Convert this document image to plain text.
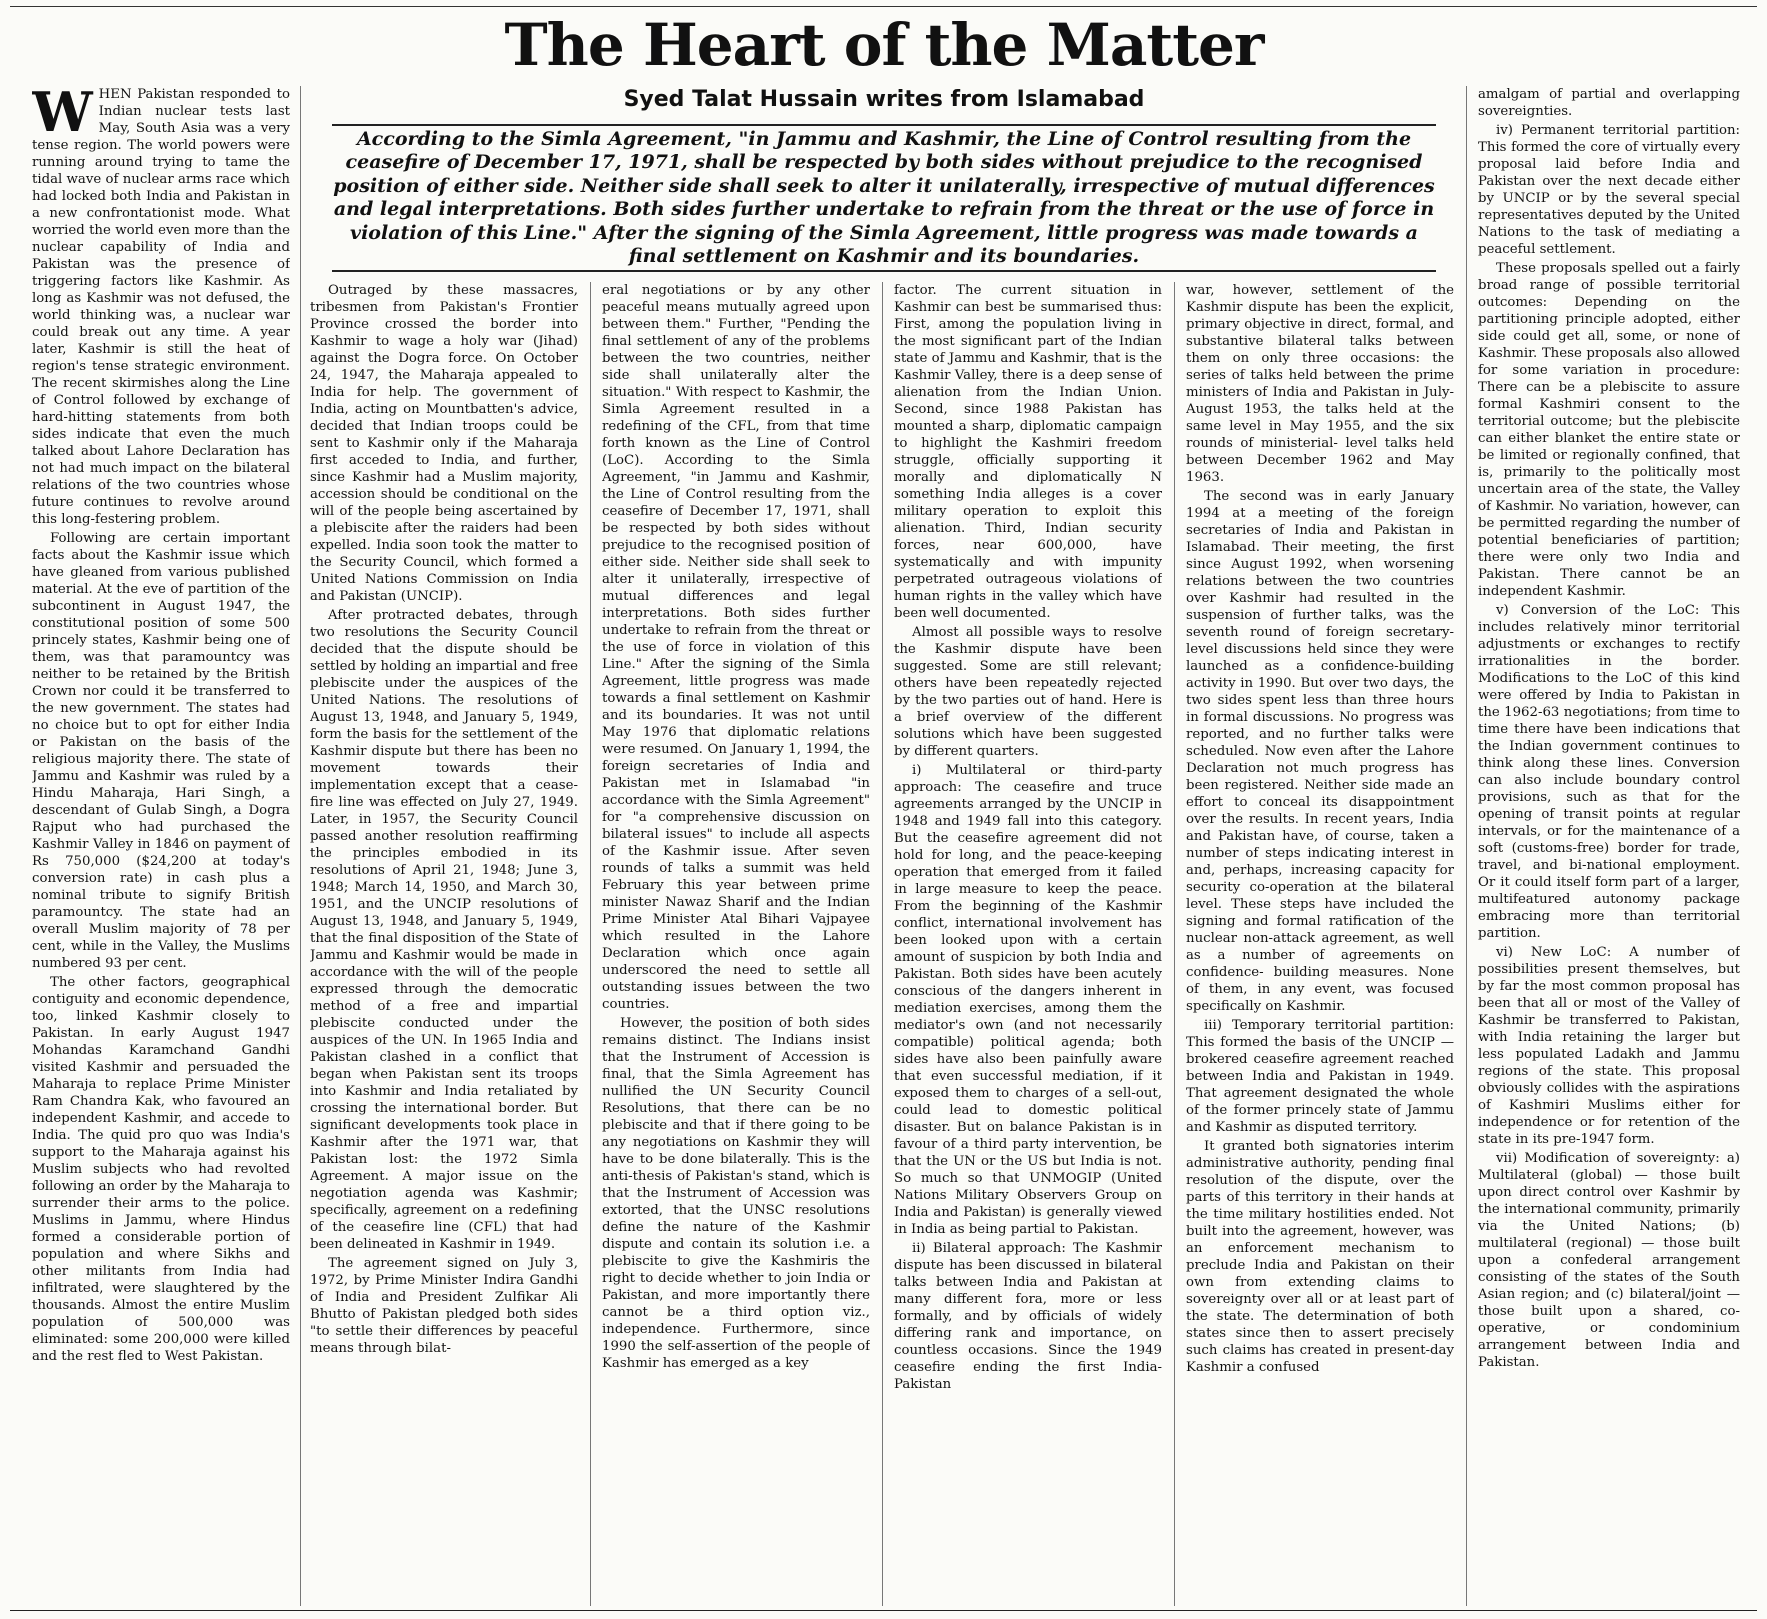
The Heart of the Matter
Syed Talat Hussain writes from Islamabad
According to the Simla Agreement, "in Jammu and Kashmir, the Line of Control resulting from the ceasefire of December 17, 1971, shall be respected by both sides without prejudice to the recognised position of either side. Neither side shall seek to alter it unilaterally, irrespective of mutual differences and legal interpretations. Both sides further undertake to refrain from the threat or the use of force in violation of this Line." After the signing of the Simla Agreement, little progress was made towards a final settlement on Kashmir and its boundaries.

WHEN Pakistan responded to Indian nuclear tests last May, South Asia was a very tense region. The world powers were running around trying to tame the tidal wave of nuclear arms race which had locked both India and Pakistan in a new confrontationist mode. What worried the world even more than the nuclear capability of India and Pakistan was the presence of triggering factors like Kashmir. As long as Kashmir was not defused, the world thinking was, a nuclear war could break out any time. A year later, Kashmir is still the heat of region's tense strategic environment. The recent skirmishes along the Line of Control followed by exchange of hard-hitting statements from both sides indicate that even the much talked about Lahore Declaration has not had much impact on the bilateral relations of the two countries whose future continues to revolve around this long-festering problem.

Following are certain important facts about the Kashmir issue which have gleaned from various published material. At the eve of partition of the subcontinent in August 1947, the constitutional position of some 500 princely states, Kashmir being one of them, was that paramountcy was neither to be retained by the British Crown nor could it be transferred to the new government. The states had no choice but to opt for either India or Pakistan on the basis of the religious majority there. The state of Jammu and Kashmir was ruled by a Hindu Maharaja, Hari Singh, a descendant of Gulab Singh, a Dogra Rajput who had purchased the Kashmir Valley in 1846 on payment of Rs 750,000 ($24,200 at today's conversion rate) in cash plus a nominal tribute to signify British paramountcy. The state had an overall Muslim majority of 78 per cent, while in the Valley, the Muslims numbered 93 per cent.

The other factors, geographical contiguity and economic dependence, too, linked Kashmir closely to Pakistan. In early August 1947 Mohandas Karamchand Gandhi visited Kashmir and persuaded the Maharaja to replace Prime Minister Ram Chandra Kak, who favoured an independent Kashmir, and accede to India. The quid pro quo was India's support to the Maharaja against his Muslim subjects who had revolted following an order by the Maharaja to surrender their arms to the police. Muslims in Jammu, where Hindus formed a considerable portion of population and where Sikhs and other militants from India had infiltrated, were slaughtered by the thousands. Almost the entire Muslim population of 500,000 was eliminated: some 200,000 were killed and the rest fled to West Pakistan.

Outraged by these massacres, tribesmen from Pakistan's Frontier Province crossed the border into Kashmir to wage a holy war (Jihad) against the Dogra force. On October 24, 1947, the Maharaja appealed to India for help. The government of India, acting on Mountbatten's advice, decided that Indian troops could be sent to Kashmir only if the Maharaja first acceded to India, and further, since Kashmir had a Muslim majority, accession should be conditional on the will of the people being ascertained by a plebiscite after the raiders had been expelled. India soon took the matter to the Security Council, which formed a United Nations Commission on India and Pakistan (UNCIP).

After protracted debates, through two resolutions the Security Council decided that the dispute should be settled by holding an impartial and free plebiscite under the auspices of the United Nations. The resolutions of August 13, 1948, and January 5, 1949, form the basis for the settlement of the Kashmir dispute but there has been no movement towards their implementation except that a cease-fire line was effected on July 27, 1949. Later, in 1957, the Security Council passed another resolution reaffirming the principles embodied in its resolutions of April 21, 1948; June 3, 1948; March 14, 1950, and March 30, 1951, and the UNCIP resolutions of August 13, 1948, and January 5, 1949, that the final disposition of the State of Jammu and Kashmir would be made in accordance with the will of the people expressed through the democratic method of a free and impartial plebiscite conducted under the auspices of the UN. In 1965 India and Pakistan clashed in a conflict that began when Pakistan sent its troops into Kashmir and India retaliated by crossing the international border. But significant developments took place in Kashmir after the 1971 war, that Pakistan lost: the 1972 Simla Agreement. A major issue on the negotiation agenda was Kashmir; specifically, agreement on a redefining of the ceasefire line (CFL) that had been delineated in Kashmir in 1949.

The agreement signed on July 3, 1972, by Prime Minister Indira Gandhi of India and President Zulfikar Ali Bhutto of Pakistan pledged both sides "to settle their differences by peaceful means through bilat-

eral negotiations or by any other peaceful means mutually agreed upon between them." Further, "Pending the final settlement of any of the problems between the two countries, neither side shall unilaterally alter the situation." With respect to Kashmir, the Simla Agreement resulted in a redefining of the CFL, from that time forth known as the Line of Control (LoC). According to the Simla Agreement, "in Jammu and Kashmir, the Line of Control resulting from the ceasefire of December 17, 1971, shall be respected by both sides without prejudice to the recognised position of either side. Neither side shall seek to alter it unilaterally, irrespective of mutual differences and legal interpretations. Both sides further undertake to refrain from the threat or the use of force in violation of this Line." After the signing of the Simla Agreement, little progress was made towards a final settlement on Kashmir and its boundaries. It was not until May 1976 that diplomatic relations were resumed. On January 1, 1994, the foreign secretaries of India and Pakistan met in Islamabad "in accordance with the Simla Agreement" for "a comprehensive discussion on bilateral issues" to include all aspects of the Kashmir issue. After seven rounds of talks a summit was held February this year between prime minister Nawaz Sharif and the Indian Prime Minister Atal Bihari Vajpayee which resulted in the Lahore Declaration which once again underscored the need to settle all outstanding issues between the two countries.

However, the position of both sides remains distinct. The Indians insist that the Instrument of Accession is final, that the Simla Agreement has nullified the UN Security Council Resolutions, that there can be no plebiscite and that if there going to be any negotiations on Kashmir they will have to be done bilaterally. This is the anti-thesis of Pakistan's stand, which is that the Instrument of Accession was extorted, that the UNSC resolutions define the nature of the Kashmir dispute and contain its solution i.e. a plebiscite to give the Kashmiris the right to decide whether to join India or Pakistan, and more importantly there cannot be a third option viz., independence. Furthermore, since 1990 the self-assertion of the people of Kashmir has emerged as a key

factor. The current situation in Kashmir can best be summarised thus: First, among the population living in the most significant part of the Indian state of Jammu and Kashmir, that is the Kashmir Valley, there is a deep sense of alienation from the Indian Union. Second, since 1988 Pakistan has mounted a sharp, diplomatic campaign to highlight the Kashmiri freedom struggle, officially supporting it morally and diplomatically N something India alleges is a cover military operation to exploit this alienation. Third, Indian security forces, near 600,000, have systematically and with impunity perpetrated outrageous violations of human rights in the valley which have been well documented.

Almost all possible ways to resolve the Kashmir dispute have been suggested. Some are still relevant; others have been repeatedly rejected by the two parties out of hand. Here is a brief overview of the different solutions which have been suggested by different quarters.

i) Multilateral or third-party approach: The ceasefire and truce agreements arranged by the UNCIP in 1948 and 1949 fall into this category. But the ceasefire agreement did not hold for long, and the peace-keeping operation that emerged from it failed in large measure to keep the peace. From the beginning of the Kashmir conflict, international involvement has been looked upon with a certain amount of suspicion by both India and Pakistan. Both sides have been acutely conscious of the dangers inherent in mediation exercises, among them the mediator's own (and not necessarily compatible) political agenda; both sides have also been painfully aware that even successful mediation, if it exposed them to charges of a sell-out, could lead to domestic political disaster. But on balance Pakistan is in favour of a third party intervention, be that the UN or the US but India is not. So much so that UNMOGIP (United Nations Military Observers Group on India and Pakistan) is generally viewed in India as being partial to Pakistan.

ii) Bilateral approach: The Kashmir dispute has been discussed in bilateral talks between India and Pakistan at many different fora, more or less formally, and by officials of widely differing rank and importance, on countless occasions. Since the 1949 ceasefire ending the first India-Pakistan

war, however, settlement of the Kashmir dispute has been the explicit, primary objective in direct, formal, and substantive bilateral talks between them on only three occasions: the series of talks held between the prime ministers of India and Pakistan in July-August 1953, the talks held at the same level in May 1955, and the six rounds of ministerial- level talks held between December 1962 and May 1963.

The second was in early January 1994 at a meeting of the foreign secretaries of India and Pakistan in Islamabad. Their meeting, the first since August 1992, when worsening relations between the two countries over Kashmir had resulted in the suspension of further talks, was the seventh round of foreign secretary-level discussions held since they were launched as a confidence-building activity in 1990. But over two days, the two sides spent less than three hours in formal discussions. No progress was reported, and no further talks were scheduled. Now even after the Lahore Declaration not much progress has been registered. Neither side made an effort to conceal its disappointment over the results. In recent years, India and Pakistan have, of course, taken a number of steps indicating interest in and, perhaps, increasing capacity for security co-operation at the bilateral level. These steps have included the signing and formal ratification of the nuclear non-attack agreement, as well as a number of agreements on confidence- building measures. None of them, in any event, was focused specifically on Kashmir.

iii) Temporary territorial partition: This formed the basis of the UNCIP — brokered ceasefire agreement reached between India and Pakistan in 1949. That agreement designated the whole of the former princely state of Jammu and Kashmir as disputed territory.

It granted both signatories interim administrative authority, pending final resolution of the dispute, over the parts of this territory in their hands at the time military hostilities ended. Not built into the agreement, however, was an enforcement mechanism to preclude India and Pakistan on their own from extending claims to sovereignty over all or at least part of the state. The determination of both states since then to assert precisely such claims has created in present-day Kashmir a confused

amalgam of partial and overlapping sovereignties.

iv) Permanent territorial partition: This formed the core of virtually every proposal laid before India and Pakistan over the next decade either by UNCIP or by the several special representatives deputed by the United Nations to the task of mediating a peaceful settlement.

These proposals spelled out a fairly broad range of possible territorial outcomes: Depending on the partitioning principle adopted, either side could get all, some, or none of Kashmir. These proposals also allowed for some variation in procedure: There can be a plebiscite to assure formal Kashmiri consent to the territorial outcome; but the plebiscite can either blanket the entire state or be limited or regionally confined, that is, primarily to the politically most uncertain area of the state, the Valley of Kashmir. No variation, however, can be permitted regarding the number of potential beneficiaries of partition; there were only two India and Pakistan. There cannot be an independent Kashmir.

v) Conversion of the LoC: This includes relatively minor territorial adjustments or exchanges to rectify irrationalities in the border. Modifications to the LoC of this kind were offered by India to Pakistan in the 1962-63 negotiations; from time to time there have been indications that the Indian government continues to think along these lines. Conversion can also include boundary control provisions, such as that for the opening of transit points at regular intervals, or for the maintenance of a soft (customs-free) border for trade, travel, and bi-national employment. Or it could itself form part of a larger, multifeatured autonomy package embracing more than territorial partition.

vi) New LoC: A number of possibilities present themselves, but by far the most common proposal has been that all or most of the Valley of Kashmir be transferred to Pakistan, with India retaining the larger but less populated Ladakh and Jammu regions of the state. This proposal obviously collides with the aspirations of Kashmiri Muslims either for independence or for retention of the state in its pre-1947 form.

vii) Modification of sovereignty: a) Multilateral (global) — those built upon direct control over Kashmir by the international community, primarily via the United Nations; (b) multilateral (regional) — those built upon a confederal arrangement consisting of the states of the South Asian region; and (c) bilateral/joint — those built upon a shared, co-operative, or condominium arrangement between India and Pakistan.
